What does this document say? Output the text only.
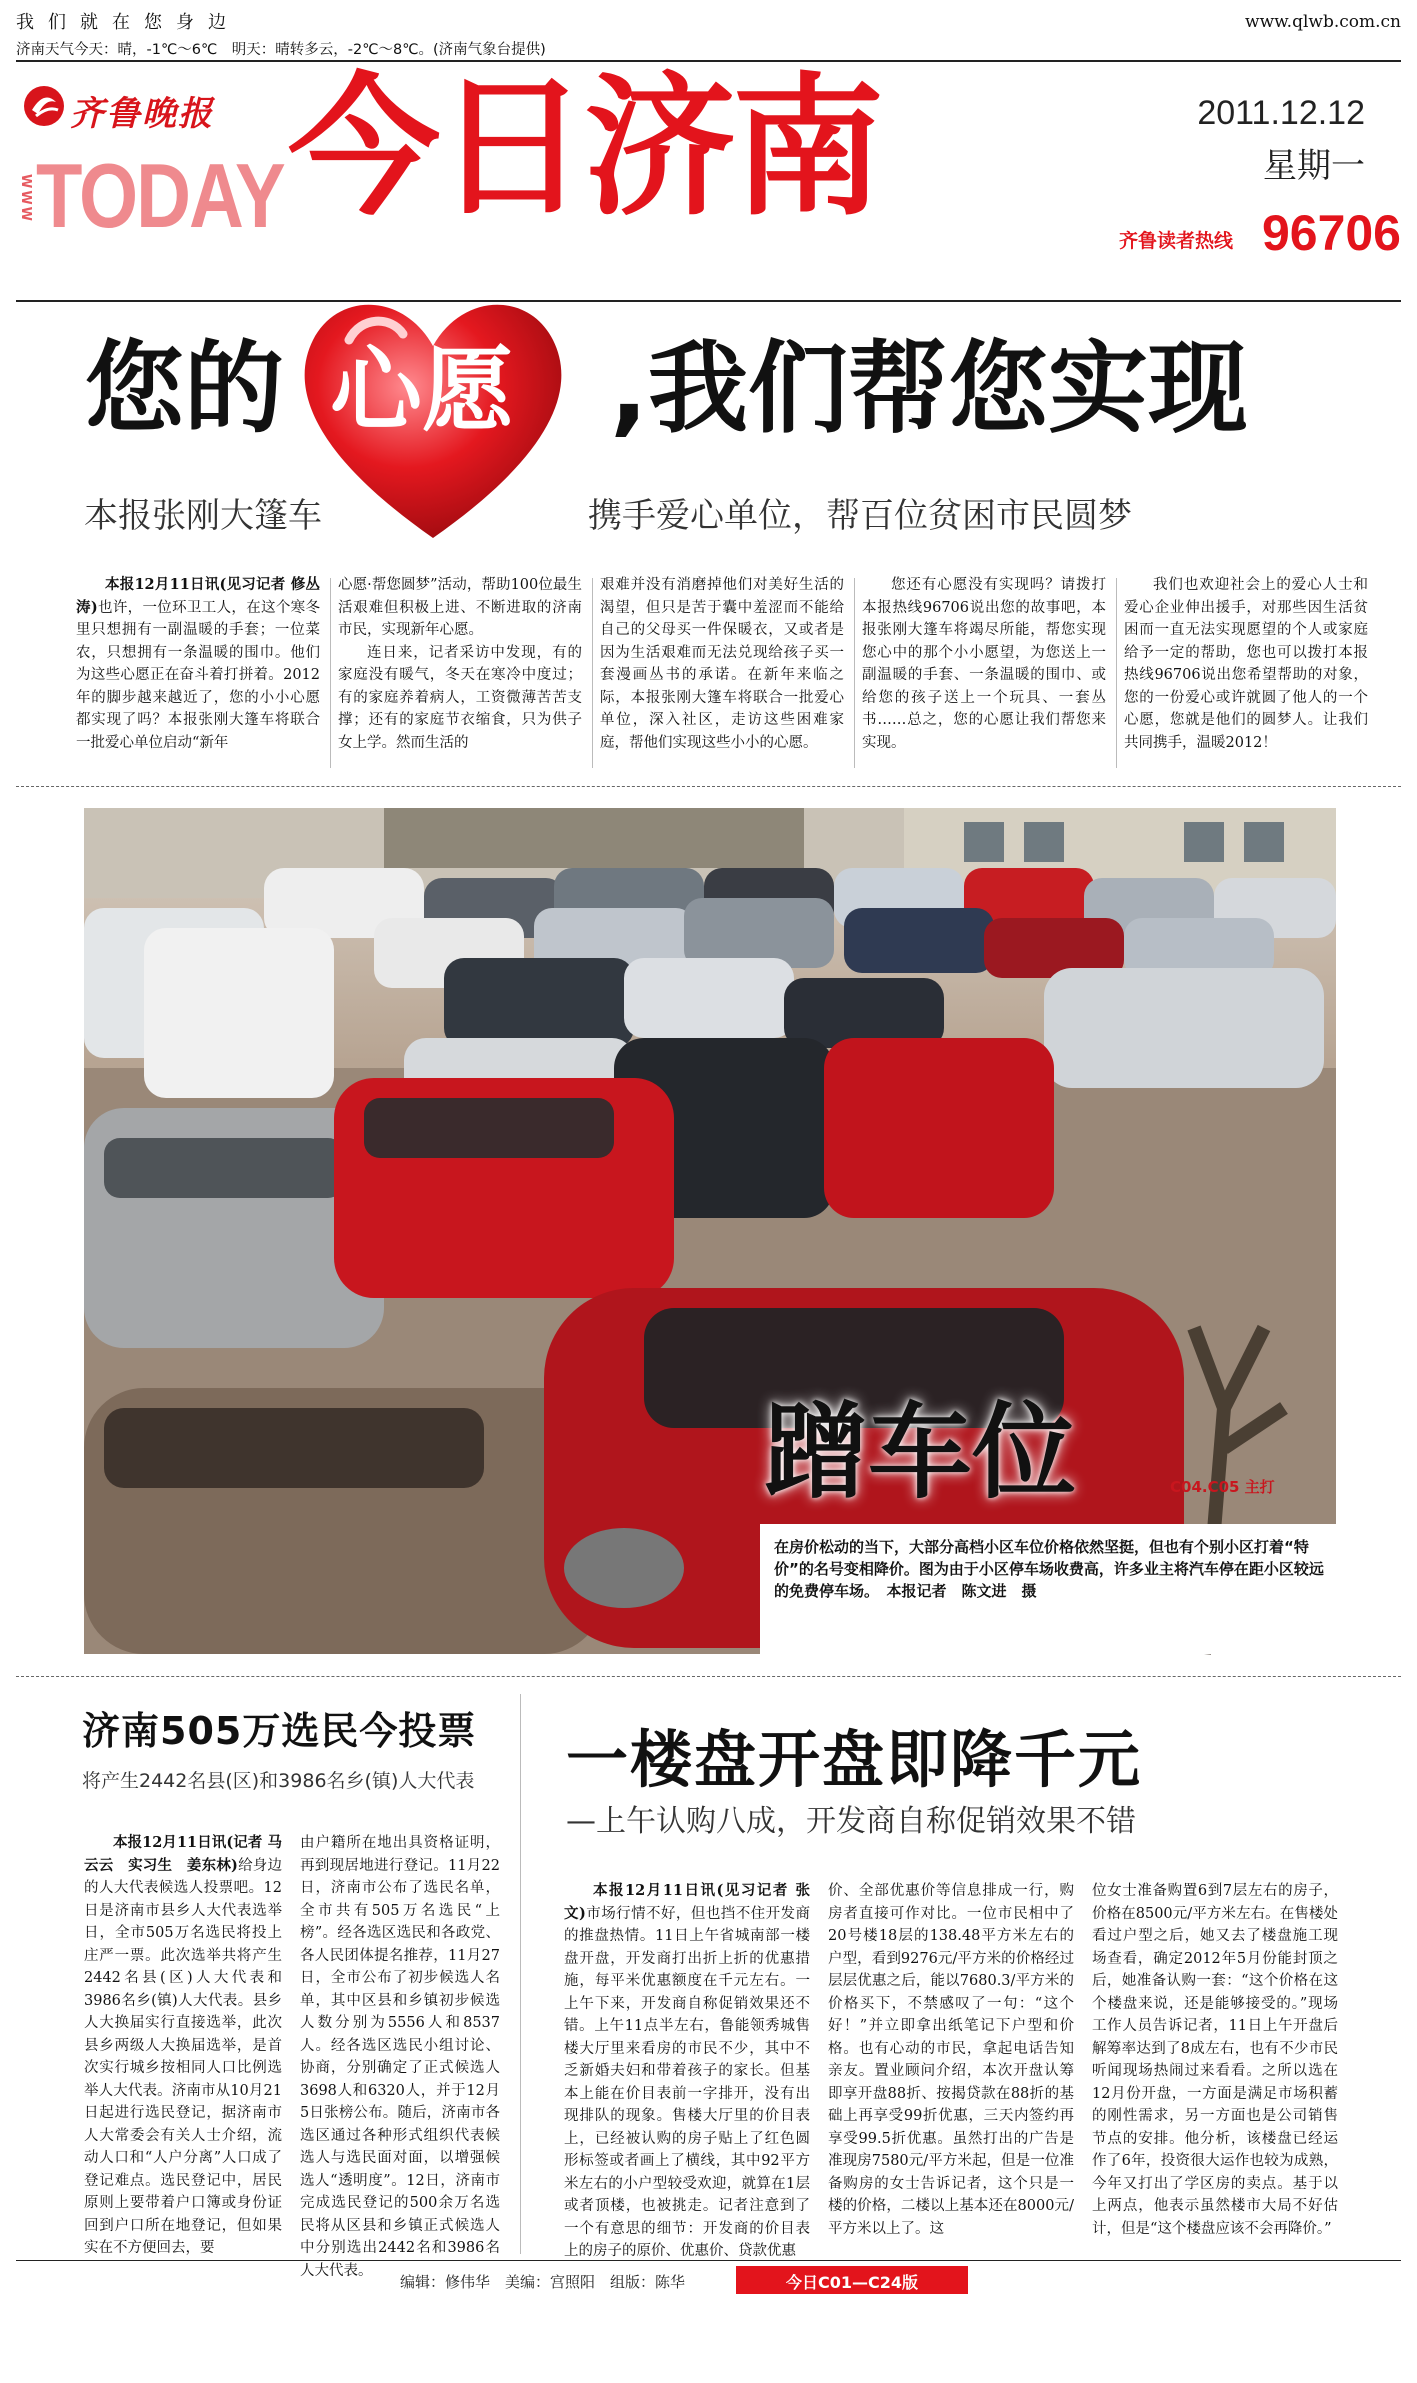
我们就在您身边	www.qlwb.com.cn
济南天气今天：晴，-1℃～6℃　明天：晴转多云，-2℃～8℃。(济南气象台提供)
齐鲁晚报
WWW TODAY 今日济南	2011.12.12
星期一
齐鲁读者热线 96706
您的 心愿 ,我们帮您实现
本报张刚大篷车	携手爱心单位，帮百位贫困市民圆梦

本报12月11日讯(见习记者 修丛涛)也许，一位环卫工人，在这个寒冬里只想拥有一副温暖的手套；一位菜农，只想拥有一条温暖的围巾。他们为这些心愿正在奋斗着打拼着。2012年的脚步越来越近了，您的小小心愿都实现了吗？本报张刚大篷车将联合一批爱心单位启动“新年

心愿·帮您圆梦”活动，帮助100位最生活艰难但积极上进、不断进取的济南市民，实现新年心愿。

连日来，记者采访中发现，有的家庭没有暖气，冬天在寒冷中度过；有的家庭养着病人，工资微薄苦苦支撑；还有的家庭节衣缩食，只为供子女上学。然而生活的

艰难并没有消磨掉他们对美好生活的渴望，但只是苦于囊中羞涩而不能给自己的父母买一件保暖衣，又或者是因为生活艰难而无法兑现给孩子买一套漫画丛书的承诺。在新年来临之际，本报张刚大篷车将联合一批爱心单位，深入社区，走访这些困难家庭，帮他们实现这些小小的心愿。

您还有心愿没有实现吗？请拨打本报热线96706说出您的故事吧，本报张刚大篷车将竭尽所能，帮您实现您心中的那个小小愿望，为您送上一副温暖的手套、一条温暖的围巾、或给您的孩子送上一个玩具、一套丛书……总之，您的心愿让我们帮您来实现。

我们也欢迎社会上的爱心人士和爱心企业伸出援手，对那些因生活贫困而一直无法实现愿望的个人或家庭给予一定的帮助，您也可以拨打本报热线96706说出您希望帮助的对象，您的一份爱心或许就圆了他人的一个心愿，您就是他们的圆梦人。让我们共同携手，温暖2012！

蹭车位	C04.C05 主打
在房价松动的当下，大部分高档小区车位价格依然坚挺，但也有个别小区打着“特价”的名号变相降价。图为由于小区停车场收费高，许多业主将汽车停在距小区较远的免费停车场。　本报记者　陈文进　摄
济南505万选民今投票
将产生2442名县(区)和3986名乡(镇)人大代表

本报12月11日讯(记者 马云云　实习生　姜东林)给身边的人大代表候选人投票吧。12日是济南市县乡人大代表选举日，全市505万名选民将投上庄严一票。此次选举共将产生2442名县(区)人大代表和3986名乡(镇)人大代表。县乡人大换届实行直接选举，此次县乡两级人大换届选举，是首次实行城乡按相同人口比例选举人大代表。济南市从10月21日起进行选民登记，据济南市人大常委会有关人士介绍，流动人口和“人户分离”人口成了登记难点。选民登记中，居民原则上要带着户口簿或身份证回到户口所在地登记，但如果实在不方便回去，要

由户籍所在地出具资格证明，再到现居地进行登记。11月22日，济南市公布了选民名单，全市共有505万名选民“上榜”。经各选区选民和各政党、各人民团体提名推荐，11月27日，全市公布了初步候选人名单，其中区县和乡镇初步候选人数分别为5556人和8537人。经各选区选民小组讨论、协商，分别确定了正式候选人3698人和6320人，并于12月5日张榜公布。随后，济南市各选区通过各种形式组织代表候选人与选民面对面，以增强候选人“透明度”。12日，济南市完成选民登记的500余万名选民将从区县和乡镇正式候选人中分别选出2442名和3986名人大代表。

一楼盘开盘即降千元
—上午认购八成，开发商自称促销效果不错

本报12月11日讯(见习记者 张文)市场行情不好，但也挡不住开发商的推盘热情。11日上午省城南部一楼盘开盘，开发商打出折上折的优惠措施，每平米优惠额度在千元左右。一上午下来，开发商自称促销效果还不错。上午11点半左右，鲁能领秀城售楼大厅里来看房的市民不少，其中不乏新婚夫妇和带着孩子的家长。但基本上能在价目表前一字排开，没有出现排队的现象。售楼大厅里的价目表上，已经被认购的房子贴上了红色圆形标签或者画上了横线，其中92平方米左右的小户型较受欢迎，就算在1层或者顶楼，也被挑走。记者注意到了一个有意思的细节：开发商的价目表上的房子的原价、优惠价、贷款优惠

价、全部优惠价等信息排成一行，购房者直接可作对比。一位市民相中了20号楼18层的138.48平方米左右的户型，看到9276元/平方米的价格经过层层优惠之后，能以7680.3/平方米的价格买下，不禁感叹了一句：“这个好！”并立即拿出纸笔记下户型和价格。也有心动的市民，拿起电话告知亲友。置业顾问介绍，本次开盘认筹即享开盘88折、按揭贷款在88折的基础上再享受99折优惠，三天内签约再享受99.5折优惠。虽然打出的广告是准现房7580元/平方米起，但是一位准备购房的女士告诉记者，这个只是一楼的价格，二楼以上基本还在8000元/平方米以上了。这

位女士准备购置6到7层左右的房子，价格在8500元/平方米左右。在售楼处看过户型之后，她又去了楼盘施工现场查看，确定2012年5月份能封顶之后，她准备认购一套：“这个价格在这个楼盘来说，还是能够接受的。”现场工作人员告诉记者，11日上午开盘后解筹率达到了8成左右，也有不少市民听闻现场热闹过来看看。之所以选在12月份开盘，一方面是满足市场积蓄的刚性需求，另一方面也是公司销售节点的安排。他分析，该楼盘已经运作了6年，投资很大运作也较为成熟，今年又打出了学区房的卖点。基于以上两点，他表示虽然楼市大局不好估计，但是“这个楼盘应该不会再降价。”

编辑：修伟华　美编：宫照阳　组版：陈华	今日C01—C24版
